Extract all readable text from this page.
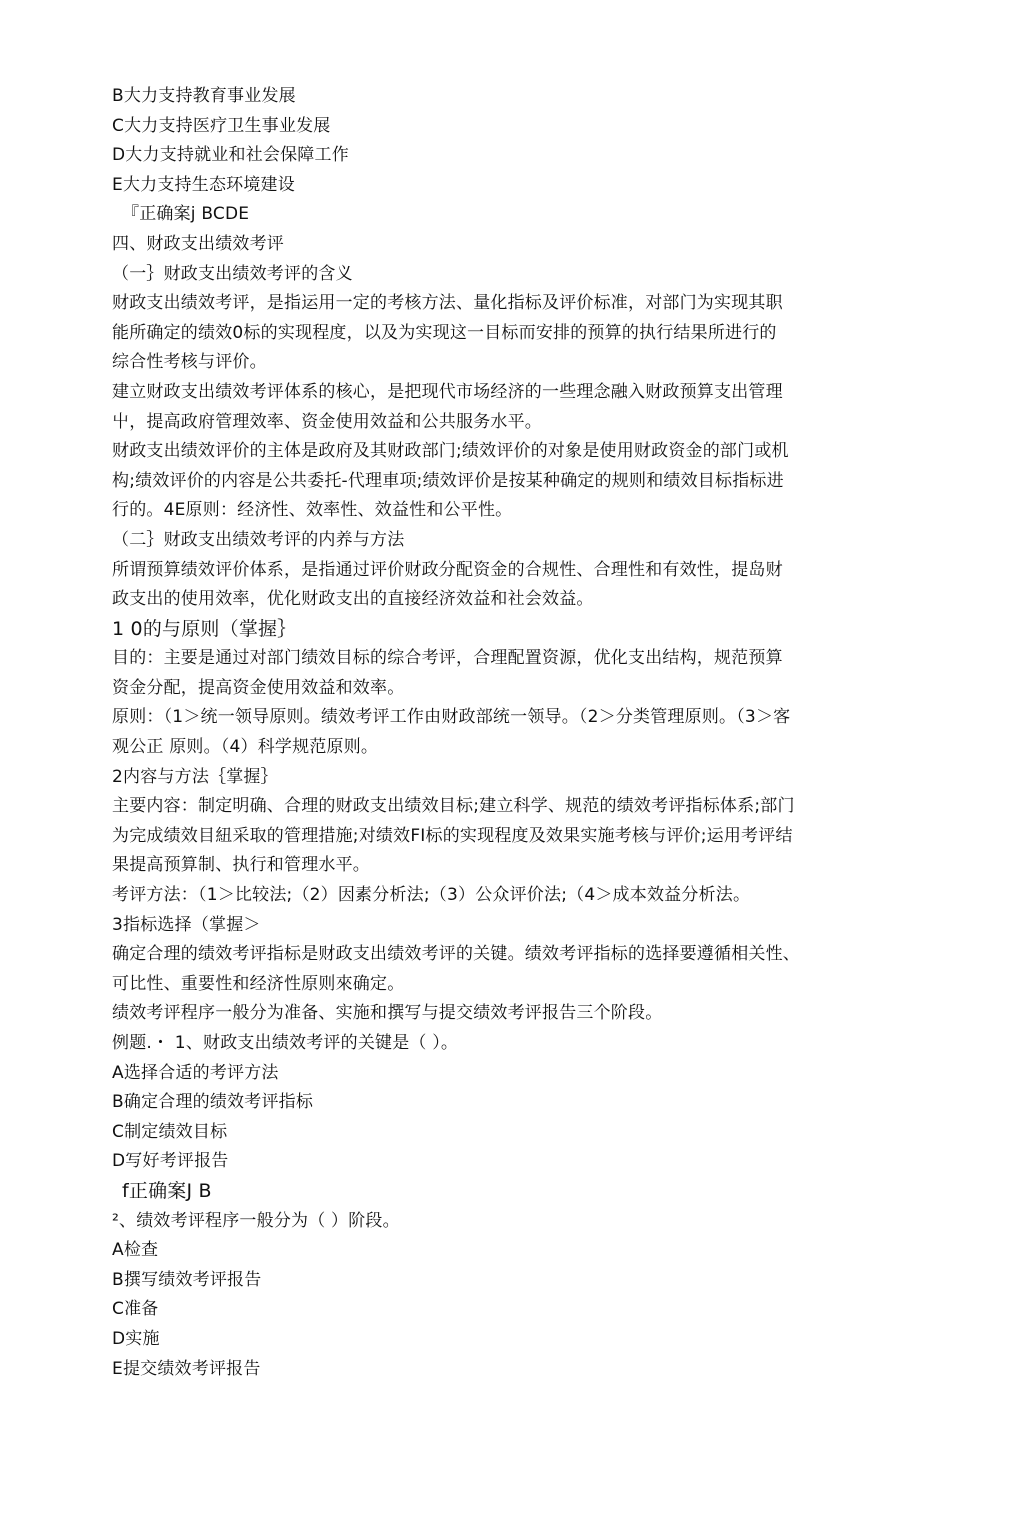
B大力支持教育事业发展
C大力支持医疗卫生事业发展
D大力支持就业和社会保障工作
E大力支持生态环境建设
『正确案j BCDE
四、财政支出绩效考评
（一｝财政支出绩效考评的含义
财政支出绩效考评，是指运用一定的考核方法、量化指标及评价标准，对部门为实现其职
能所确定的绩效0标的实现程度，以及为实现这一目标而安排的预算的执行结果所进行的
综合性考核与评价。
建立财政支出绩效考评体系的核心，是把现代市场经济的一些理念融入财政预算支出管理
屮，提高政府管理效率、资金使用效益和公共服务水平。
财政支出绩效评价的主体是政府及其财政部门;绩效评价的对象是使用财政资金的部门或机
构;绩效评价的内容是公共委托-代理車项;绩效评价是按某种确定的规则和绩效目标指标进
行的。4E原则：经济性、效率性、效益性和公平性。
（二｝财政支出绩效考评的内养与方法
所谓预算绩效评价体系，是指通过评价财政分配资金的合规性、合理性和有效性，提岛财
政支出的使用效率，优化财政支出的直接经济效益和社会效益。
1 0的与原则（掌握｝
目的：主要是通过对部门绩效目标的综合考评，合理配置资源，优化支出结构，规范预算
资金分配，提高资金使用效益和效率。
原则：（1＞统一领导原则。绩效考评工作由财政部统一领导。（2＞分类管理原则。（3＞客
观公正 原则。（4）科学规范原则。
2内容与方法｛掌握｝
主要内容：制定明确、合理的财政支出绩效目标;建立科学、规范的绩效考评指标体系;部门
为完成绩效目紐采取的管理措施;对绩效FI标的实现程度及效果实施考核与评价;运用考评结
果提高预算制、执行和管理水平。
考评方法：（1＞比较法;（2）因素分析法;（3）公众评价法;（4＞成本效益分析法。
3指标选择（掌握＞
确定合理的绩效考评指标是财政支出绩效考评的关键。绩效考评指标的选择要遵循相关性、
可比性、重要性和经济性原则來确定。
绩效考评程序一般分为准备、实施和撰写与提交绩效考评报告三个阶段。
例题.・ 1、财政支出绩效考评的关键是（ ）。
A选择合适的考评方法
B确定合理的绩效考评指标
C制定绩效目标
D写好考评报告
f正确案J B
²、绩效考评程序一般分为（ ）阶段。
A检查
B撰写绩效考评报告
C准备
D实施
E提交绩效考评报告
